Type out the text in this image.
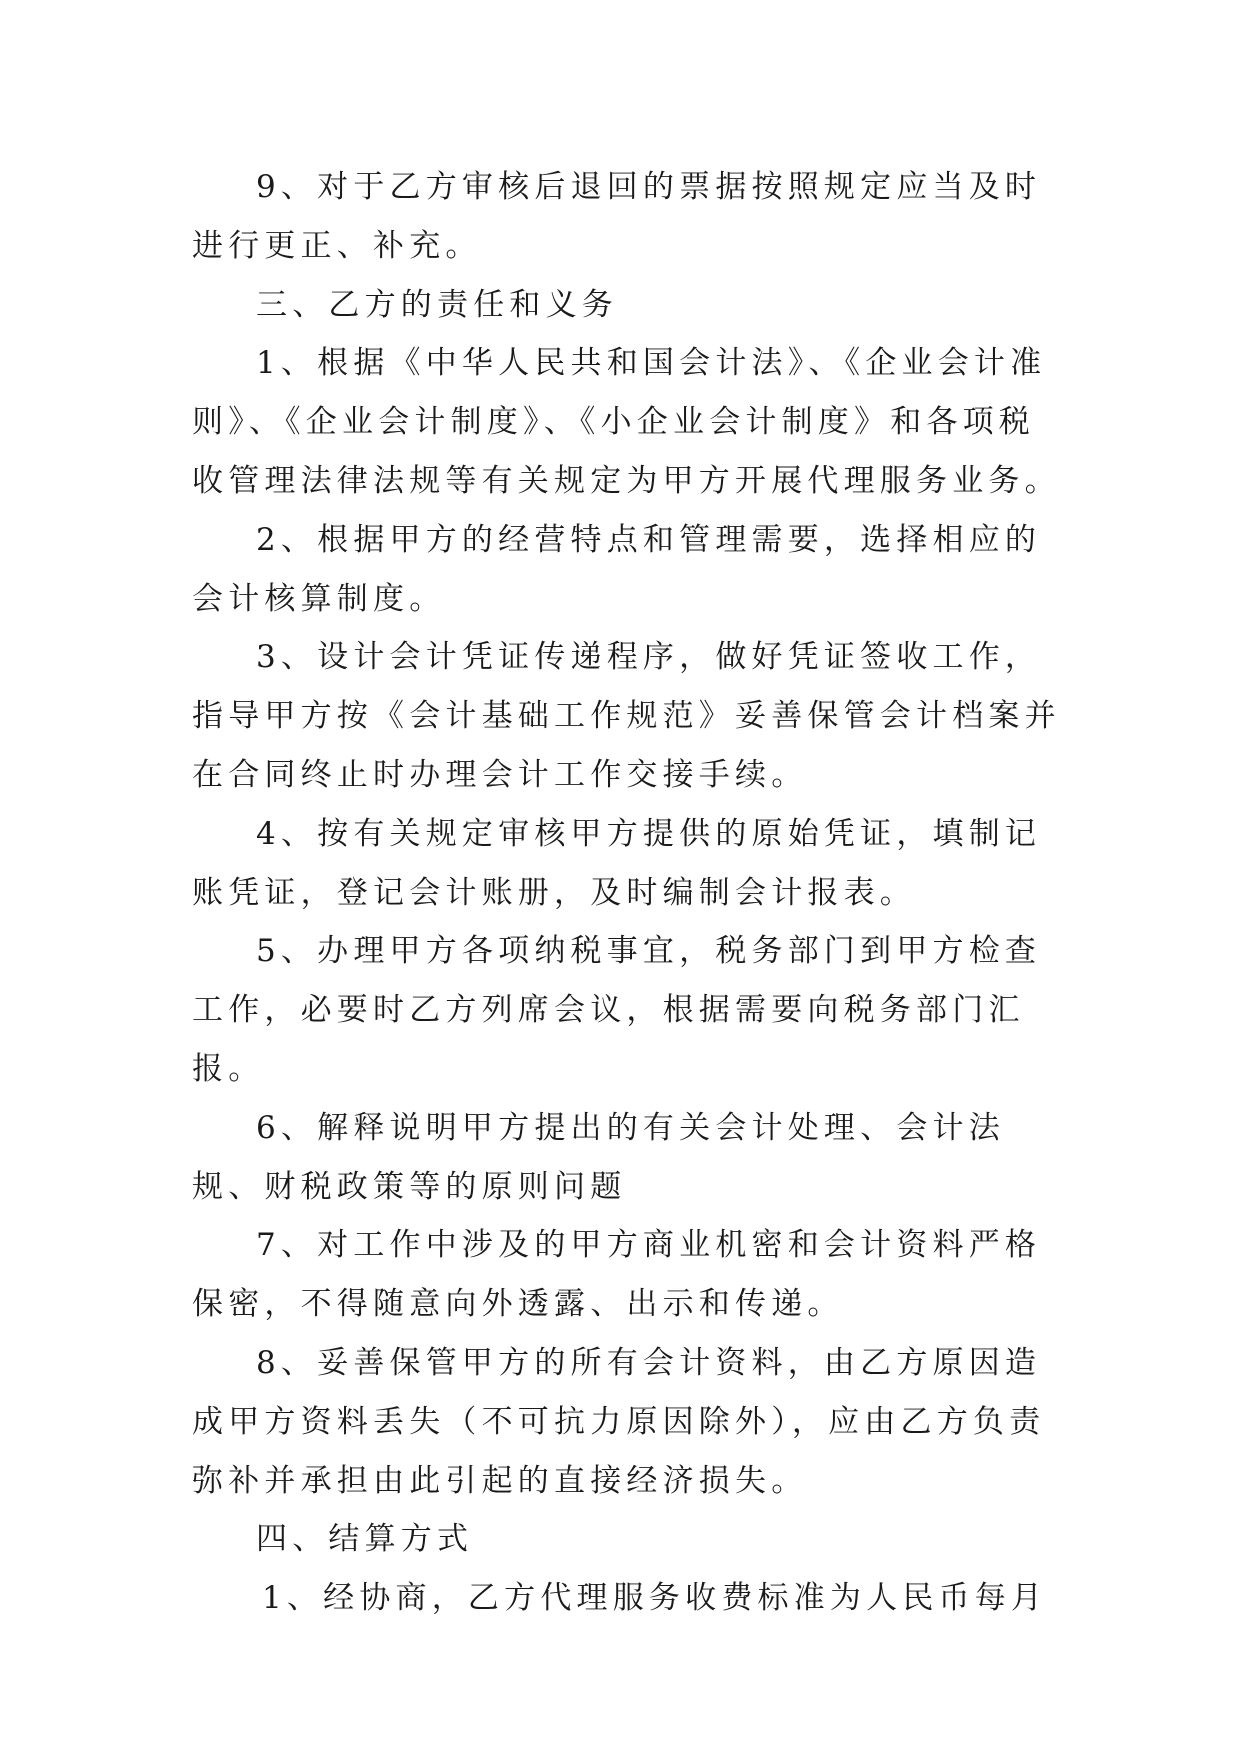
9、对于乙方审核后退回的票据按照规定应当及时进行更正、补充。

三、乙方的责任和义务

1、根据《中华人民共和国会计法》、《企业会计准则》、《企业会计制度》、《小企业会计制度》和各项税收管理法律法规等有关规定为甲方开展代理服务业务。

2、根据甲方的经营特点和管理需要，选择相应的会计核算制度。

3、设计会计凭证传递程序，做好凭证签收工作，指导甲方按《会计基础工作规范》妥善保管会计档案并在合同终止时办理会计工作交接手续。

4、按有关规定审核甲方提供的原始凭证，填制记账凭证，登记会计账册，及时编制会计报表。

5、办理甲方各项纳税事宜，税务部门到甲方检查工作，必要时乙方列席会议，根据需要向税务部门汇报。

6、解释说明甲方提出的有关会计处理、会计法规、财税政策等的原则问题

7、对工作中涉及的甲方商业机密和会计资料严格保密，不得随意向外透露、出示和传递。

8、妥善保管甲方的所有会计资料，由乙方原因造成甲方资料丢失（不可抗力原因除外），应由乙方负责弥补并承担由此引起的直接经济损失。

四、结算方式

1、经协商，乙方代理服务收费标准为人民币每月
